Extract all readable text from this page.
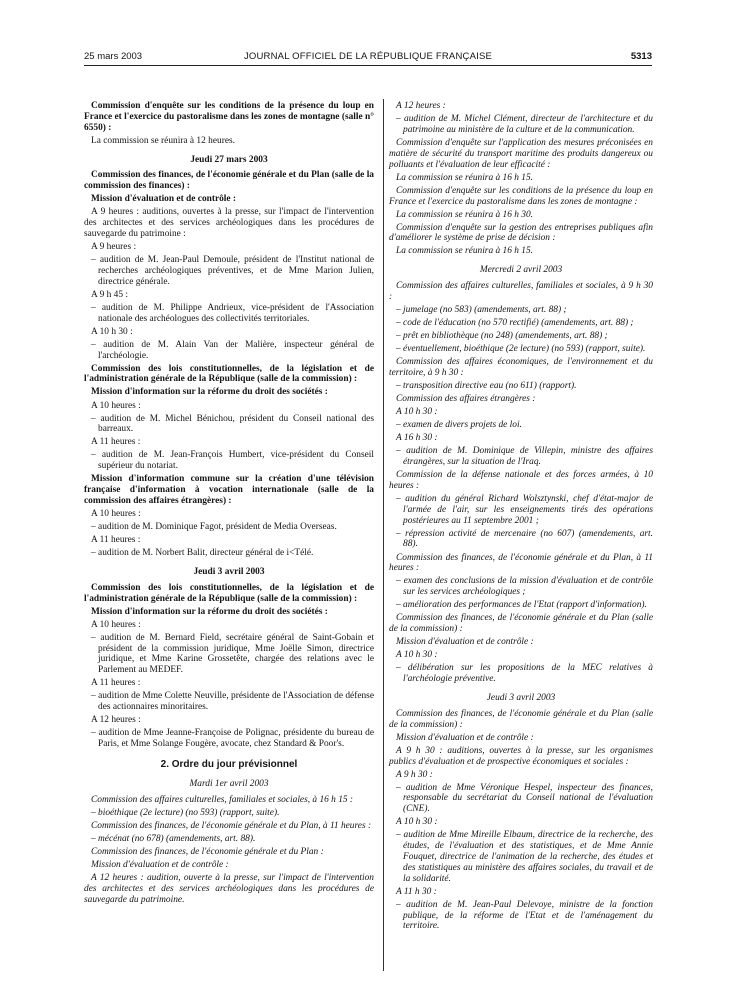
25 mars 2003	JOURNAL OFFICIEL DE LA RÉPUBLIQUE FRANÇAISE	5313

Commission d'enquête sur les conditions de la présence du loup en France et l'exercice du pastoralisme dans les zones de montagne (salle n° 6550) :

La commission se réunira à 12 heures.

Jeudi 27 mars 2003

Commission des finances, de l'économie générale et du Plan (salle de la commission des finances) :

Mission d'évaluation et de contrôle :

A 9 heures : auditions, ouvertes à la presse, sur l'impact de l'intervention des architectes et des services archéologiques dans les procédures de sauvegarde du patrimoine :

A 9 heures :

– audition de M. Jean-Paul Demoule, président de l'Institut national de recherches archéologiques préventives, et de Mme Marion Julien, directrice générale.

A 9 h 45 :

– audition de M. Philippe Andrieux, vice-président de l'Association nationale des archéologues des collectivités territoriales.

A 10 h 30 :

– audition de M. Alain Van der Malière, inspecteur général de l'archéologie.

Commission des lois constitutionnelles, de la législation et de l'administration générale de la République (salle de la commission) :

Mission d'information sur la réforme du droit des sociétés :

A 10 heures :

– audition de M. Michel Bénichou, président du Conseil national des barreaux.

A 11 heures :

– audition de M. Jean-François Humbert, vice-président du Conseil supérieur du notariat.

Mission d'information commune sur la création d'une télévision française d'information à vocation internationale (salle de la commission des affaires étrangères) :

A 10 heures :

– audition de M. Dominique Fagot, président de Media Overseas.

A 11 heures :

– audition de M. Norbert Balit, directeur général de i<Télé.

Jeudi 3 avril 2003

Commission des lois constitutionnelles, de la législation et de l'administration générale de la République (salle de la commission) :

Mission d'information sur la réforme du droit des sociétés :

A 10 heures :

– audition de M. Bernard Field, secrétaire général de Saint-Gobain et président de la commission juridique, Mme Joëlle Simon, directrice juridique, et Mme Karine Grossetête, chargée des relations avec le Parlement au MEDEF.

A 11 heures :

– audition de Mme Colette Neuville, présidente de l'Association de défense des actionnaires minoritaires.

A 12 heures :

– audition de Mme Jeanne-Françoise de Polignac, présidente du bureau de Paris, et Mme Solange Fougère, avocate, chez Standard & Poor's.

2. Ordre du jour prévisionnel

Mardi 1er avril 2003

Commission des affaires culturelles, familiales et sociales, à 16 h 15 :

– bioéthique (2e lecture) (no 593) (rapport, suite).

Commission des finances, de l'économie générale et du Plan, à 11 heures :

– mécénat (no 678) (amendements, art. 88).

Commission des finances, de l'économie générale et du Plan :

Mission d'évaluation et de contrôle :

A 12 heures : audition, ouverte à la presse, sur l'impact de l'intervention des architectes et des services archéologiques dans les procédures de sauvegarde du patrimoine.

A 12 heures :

– audition de M. Michel Clément, directeur de l'architecture et du patrimoine au ministère de la culture et de la communication.

Commission d'enquête sur l'application des mesures préconisées en matière de sécurité du transport maritime des produits dangereux ou polluants et l'évaluation de leur efficacité :

La commission se réunira à 16 h 15.

Commission d'enquête sur les conditions de la présence du loup en France et l'exercice du pastoralisme dans les zones de montagne :

La commission se réunira à 16 h 30.

Commission d'enquête sur la gestion des entreprises publiques afin d'améliorer le système de prise de décision :

La commission se réunira à 16 h 15.

Mercredi 2 avril 2003

Commission des affaires culturelles, familiales et sociales, à 9 h 30 :

– jumelage (no 583) (amendements, art. 88) ;

– code de l'éducation (no 570 rectifié) (amendements, art. 88) ;

– prêt en bibliothèque (no 248) (amendements, art. 88) ;

– éventuellement, bioéthique (2e lecture) (no 593) (rapport, suite).

Commission des affaires économiques, de l'environnement et du territoire, à 9 h 30 :

– transposition directive eau (no 611) (rapport).

Commission des affaires étrangères :

A 10 h 30 :

– examen de divers projets de loi.

A 16 h 30 :

– audition de M. Dominique de Villepin, ministre des affaires étrangères, sur la situation de l'Iraq.

Commission de la défense nationale et des forces armées, à 10 heures :

– audition du général Richard Wolsztynski, chef d'état-major de l'armée de l'air, sur les enseignements tirés des opérations postérieures au 11 septembre 2001 ;

– répression activité de mercenaire (no 607) (amendements, art. 88).

Commission des finances, de l'économie générale et du Plan, à 11 heures :

– examen des conclusions de la mission d'évaluation et de contrôle sur les services archéologiques ;

– amélioration des performances de l'Etat (rapport d'information).

Commission des finances, de l'économie générale et du Plan (salle de la commission) :

Mission d'évaluation et de contrôle :

A 10 h 30 :

– délibération sur les propositions de la MEC relatives à l'archéologie préventive.

Jeudi 3 avril 2003

Commission des finances, de l'économie générale et du Plan (salle de la commission) :

Mission d'évaluation et de contrôle :

A 9 h 30 : auditions, ouvertes à la presse, sur les organismes publics d'évaluation et de prospective économiques et sociales :

A 9 h 30 :

– audition de Mme Véronique Hespel, inspecteur des finances, responsable du secrétariat du Conseil national de l'évaluation (CNE).

A 10 h 30 :

– audition de Mme Mireille Elbaum, directrice de la recherche, des études, de l'évaluation et des statistiques, et de Mme Annie Fouquet, directrice de l'animation de la recherche, des études et des statistiques au ministère des affaires sociales, du travail et de la solidarité.

A 11 h 30 :

– audition de M. Jean-Paul Delevoye, ministre de la fonction publique, de la réforme de l'Etat et de l'aménagement du territoire.
